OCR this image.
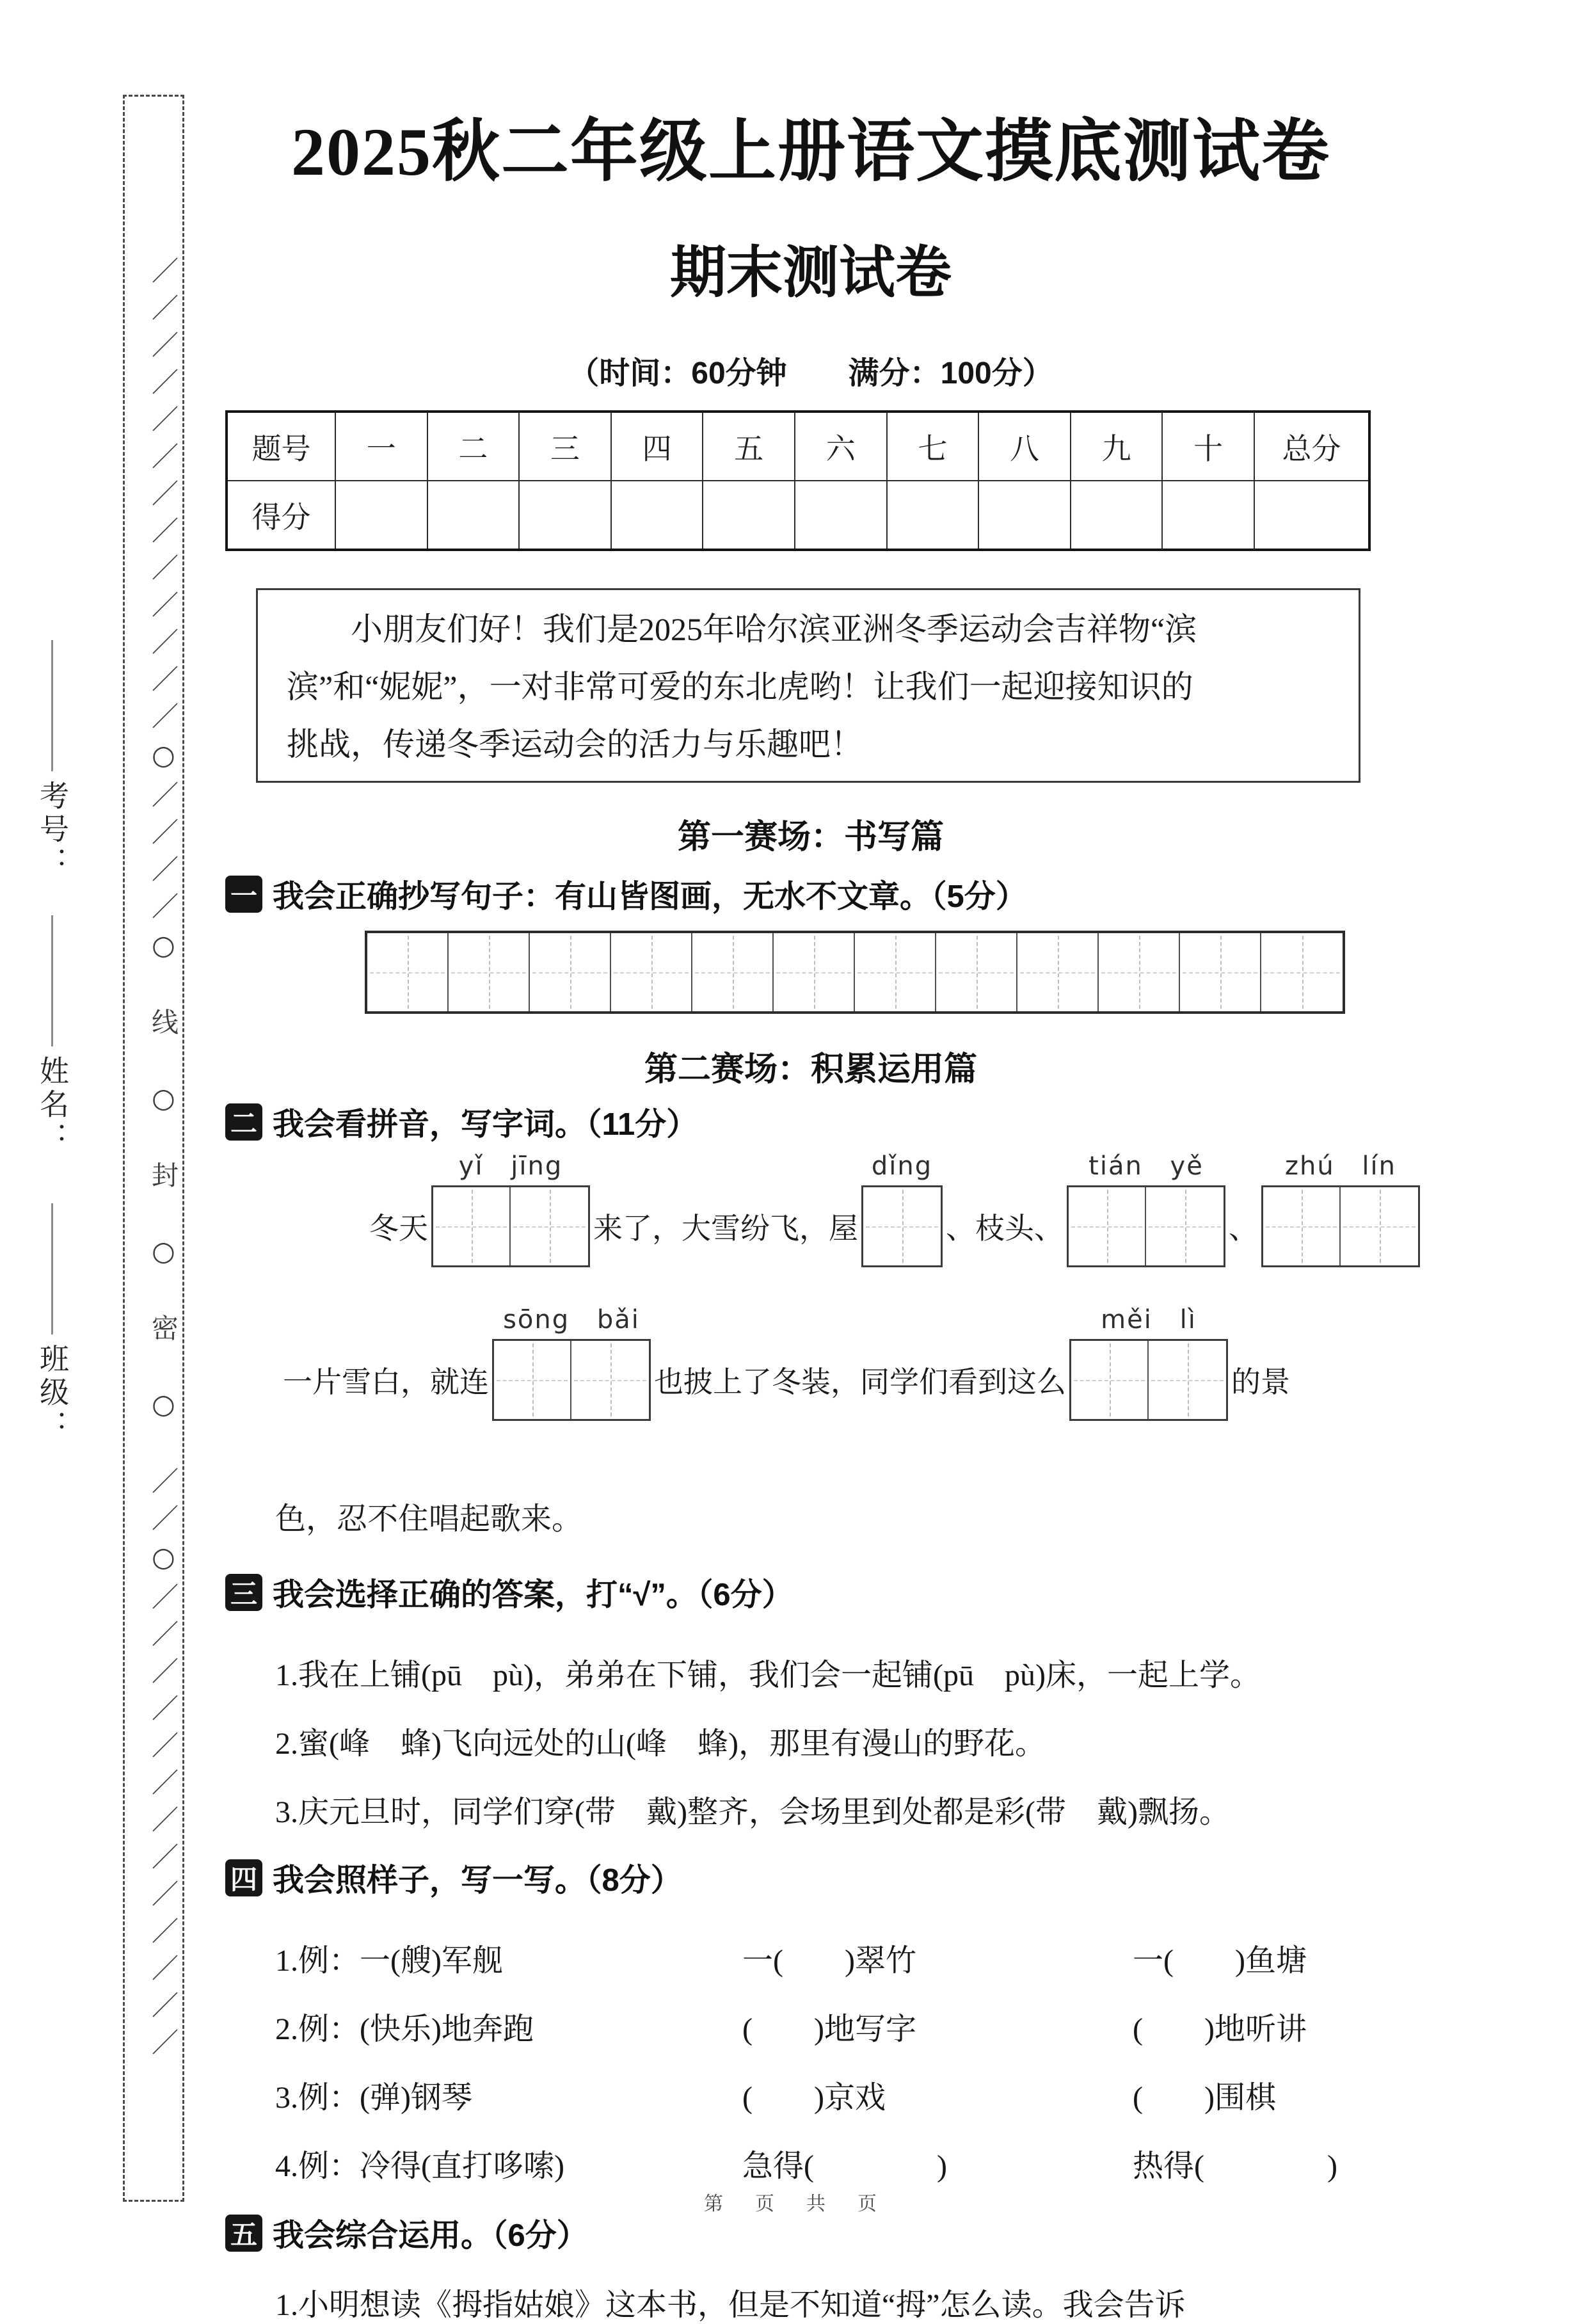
／／／／／／／／／／／／／○／／／／○　线　○　封　○　密　○　／／○／／／／／／／／／／／／／
考号：
姓名：
班级：
2025秋二年级上册语文摸底测试卷
期末测试卷
（时间：60分钟　　满分：100分）
题号	一	二	三	四	五	六	七	八	九	十	总分
得分											
小朋友们好！我们是2025年哈尔滨亚洲冬季运动会吉祥物“滨
滨”和“妮妮”，一对非常可爱的东北虎哟！让我们一起迎接知识的
挑战，传递冬季运动会的活力与乐趣吧！
第一赛场：书写篇
一 我会正确抄写句子：有山皆图画，无水不文章。（5分）
第二赛场：积累运用篇
二 我会看拼音，写字词。（11分）
冬天
yǐ jīng
来了，大雪纷飞，屋
dǐng
、枝头、
tián yě
、
zhú lín
一片雪白，就连
sōng bǎi
也披上了冬装，同学们看到这么
měi lì
的景
色，忍不住唱起歌来。
三 我会选择正确的答案，打“√”。（6分）
1.我在上铺(pū　pù)，弟弟在下铺，我们会一起铺(pū　pù)床，一起上学。
2.蜜(峰　蜂)飞向远处的山(峰　蜂)，那里有漫山的野花。
3.庆元旦时，同学们穿(带　戴)整齐，会场里到处都是彩(带　戴)飘扬。
四 我会照样子，写一写。（8分）
1.例：一(艘)军舰	一(　　)翠竹	一(　　)鱼塘
2.例：(快乐)地奔跑	(　　)地写字	(　　)地听讲
3.例：(弹)钢琴	(　　)京戏	(　　)围棋
4.例：冷得(直打哆嗦)	急得(　　　　)	热得(　　　　)
五 我会综合运用。（6分）
1.小明想读《拇指姑娘》这本书，但是不知道“拇”怎么读。我会告诉
第　页　共　页
